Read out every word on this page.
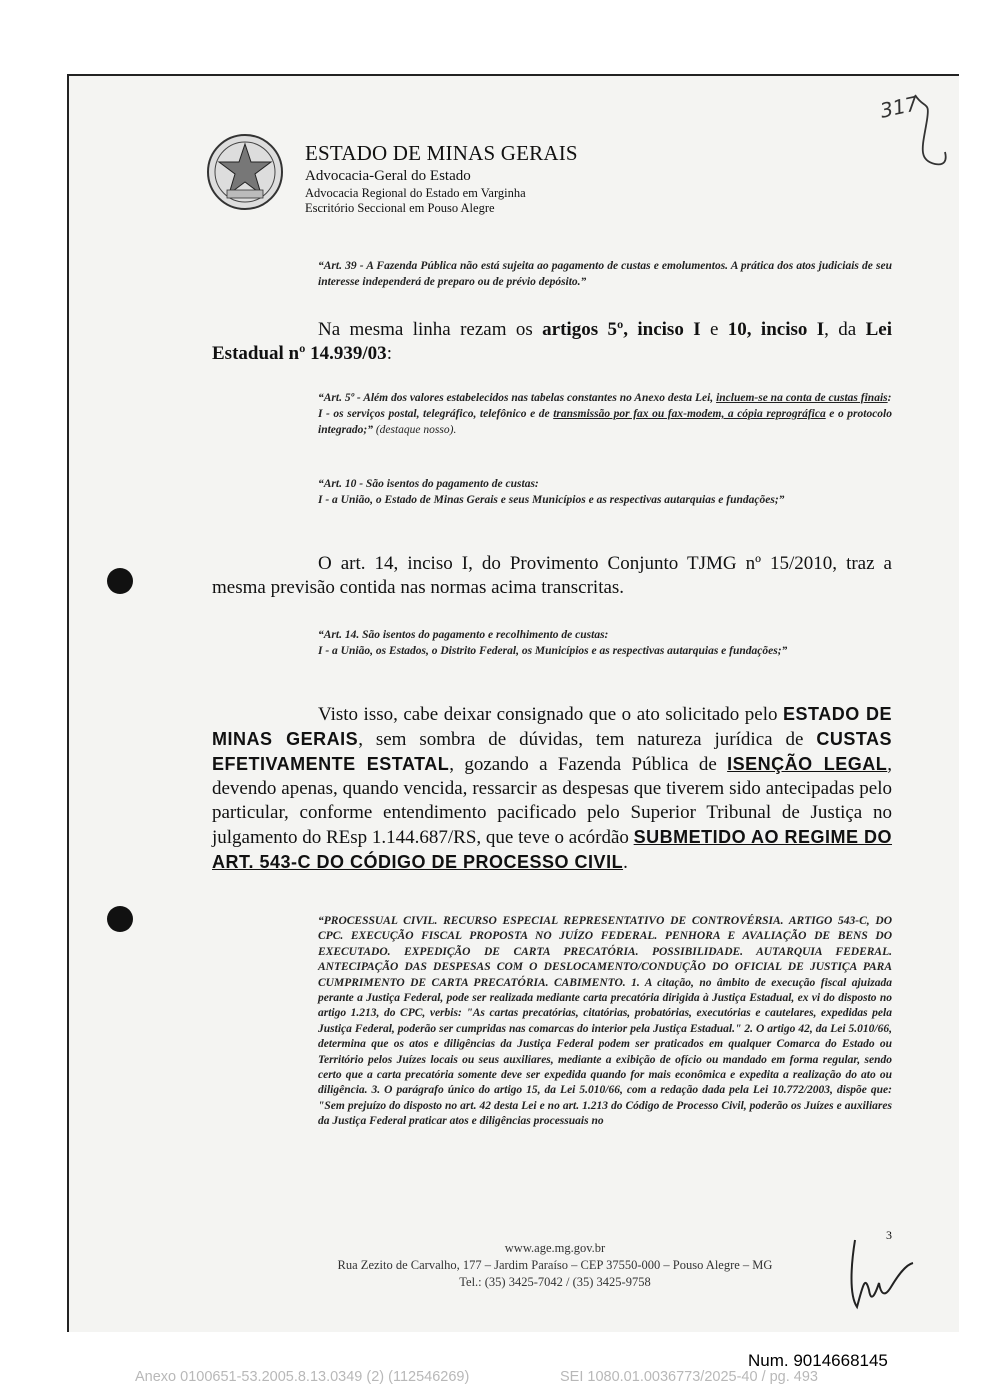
ESTADO DE MINAS GERAIS
Advocacia-Geral do Estado
Advocacia Regional do Estado em Varginha
Escritório Seccional em Pouso Alegre
317

“Art. 39 - A Fazenda Pública não está sujeita ao pagamento de custas e emolumentos. A prática dos atos judiciais de seu interesse independerá de preparo ou de prévio depósito.”

Na mesma linha rezam os artigos 5º, inciso I e 10, inciso I, da Lei Estadual nº 14.939/03:

“Art. 5º - Além dos valores estabelecidos nas tabelas constantes no Anexo desta Lei, incluem-se na conta de custas finais:

I - os serviços postal, telegráfico, telefônico e de transmissão por fax ou fax-modem, a cópia reprográfica e o protocolo integrado;” (destaque nosso).

“Art. 10 - São isentos do pagamento de custas:

I - a União, o Estado de Minas Gerais e seus Municípios e as respectivas autarquias e fundações;”

O art. 14, inciso I, do Provimento Conjunto TJMG nº 15/2010, traz a mesma previsão contida nas normas acima transcritas.

“Art. 14. São isentos do pagamento e recolhimento de custas:

I - a União, os Estados, o Distrito Federal, os Municípios e as respectivas autarquias e fundações;”

Visto isso, cabe deixar consignado que o ato solicitado pelo ESTADO DE MINAS GERAIS, sem sombra de dúvidas, tem natureza jurídica de CUSTAS EFETIVAMENTE ESTATAL, gozando a Fazenda Pública de ISENÇÃO LEGAL, devendo apenas, quando vencida, ressarcir as despesas que tiverem sido antecipadas pelo particular, conforme entendimento pacificado pelo Superior Tribunal de Justiça no julgamento do REsp 1.144.687/RS, que teve o acórdão SUBMETIDO AO REGIME DO ART. 543-C DO CÓDIGO DE PROCESSO CIVIL.

“PROCESSUAL CIVIL. RECURSO ESPECIAL REPRESENTATIVO DE CONTROVÉRSIA. ARTIGO 543-C, DO CPC. EXECUÇÃO FISCAL PROPOSTA NO JUÍZO FEDERAL. PENHORA E AVALIAÇÃO DE BENS DO EXECUTADO. EXPEDIÇÃO DE CARTA PRECATÓRIA. POSSIBILIDADE. AUTARQUIA FEDERAL. ANTECIPAÇÃO DAS DESPESAS COM O DESLOCAMENTO/CONDUÇÃO DO OFICIAL DE JUSTIÇA PARA CUMPRIMENTO DE CARTA PRECATÓRIA. CABIMENTO. 1. A citação, no âmbito de execução fiscal ajuizada perante a Justiça Federal, pode ser realizada mediante carta precatória dirigida à Justiça Estadual, ex vi do disposto no artigo 1.213, do CPC, verbis: "As cartas precatórias, citatórias, probatórias, executórias e cautelares, expedidas pela Justiça Federal, poderão ser cumpridas nas comarcas do interior pela Justiça Estadual." 2. O artigo 42, da Lei 5.010/66, determina que os atos e diligências da Justiça Federal podem ser praticados em qualquer Comarca do Estado ou Território pelos Juízes locais ou seus auxiliares, mediante a exibição de ofício ou mandado em forma regular, sendo certo que a carta precatória somente deve ser expedida quando for mais econômica e expedita a realização do ato ou diligência. 3. O parágrafo único do artigo 15, da Lei 5.010/66, com a redação dada pela Lei 10.772/2003, dispõe que: "Sem prejuízo do disposto no art. 42 desta Lei e no art. 1.213 do Código de Processo Civil, poderão os Juízes e auxiliares da Justiça Federal praticar atos e diligências processuais no

3
www.age.mg.gov.br
Rua Zezito de Carvalho, 177 – Jardim Paraíso – CEP 37550-000 – Pouso Alegre – MG
Tel.: (35) 3425-7042 / (35) 3425-9758
Num. 9014668145
Anexo 0100651-53.2005.8.13.0349 (2) (112546269)	SEI 1080.01.0036773/2025-40 / pg. 493
